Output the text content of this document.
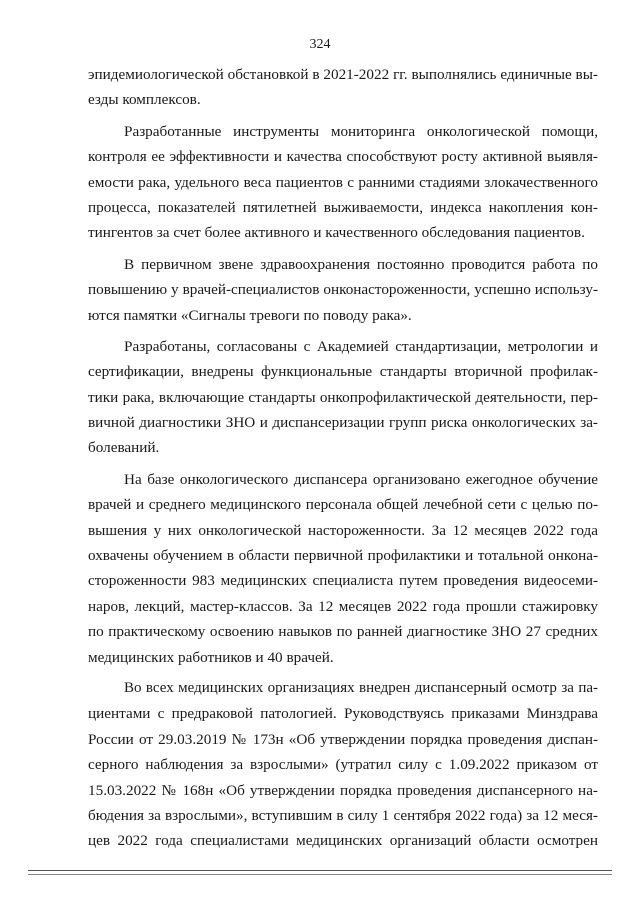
324
эпидемиологической обстановкой в 2021-2022 гг. выполнялись единичные вы-
езды комплексов.
Разработанные инструменты мониторинга онкологической помощи,
контроля ее эффективности и качества способствуют росту активной выявля-
емости рака, удельного веса пациентов с ранними стадиями злокачественного
процесса, показателей пятилетней выживаемости, индекса накопления кон-
тингентов за счет более активного и качественного обследования пациентов.
В первичном звене здравоохранения постоянно проводится работа по
повышению у врачей-специалистов онконастороженности, успешно использу-
ются памятки «Сигналы тревоги по поводу рака».
Разработаны, согласованы с Академией стандартизации, метрологии и
сертификации, внедрены функциональные стандарты вторичной профилак-
тики рака, включающие стандарты онкопрофилактической деятельности, пер-
вичной диагностики ЗНО и диспансеризации групп риска онкологических за-
болеваний.
На базе онкологического диспансера организовано ежегодное обучение
врачей и среднего медицинского персонала общей лечебной сети с целью по-
вышения у них онкологической настороженности. За 12 месяцев 2022 года
охвачены обучением в области первичной профилактики и тотальной онкона-
стороженности 983 медицинских специалиста путем проведения видеосеми-
наров, лекций, мастер-классов. За 12 месяцев 2022 года прошли стажировку
по практическому освоению навыков по ранней диагностике ЗНО 27 средних
медицинских работников и 40 врачей.
Во всех медицинских организациях внедрен диспансерный осмотр за па-
циентами с предраковой патологией. Руководствуясь приказами Минздрава
России от 29.03.2019 № 173н «Об утверждении порядка проведения диспан-
серного наблюдения за взрослыми» (утратил силу с 1.09.2022 приказом от
15.03.2022 № 168н «Об утверждении порядка проведения диспансерного на-
бюдения за взрослыми», вступившим в силу 1 сентября 2022 года) за 12 меся-
цев 2022 года специалистами медицинских организаций области осмотрен
